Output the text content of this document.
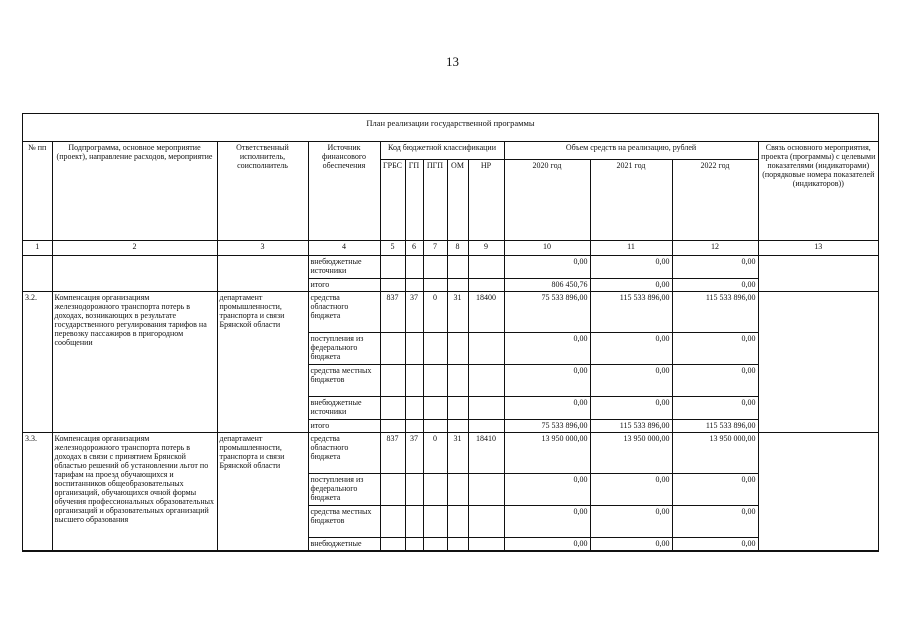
13
План реализации государственной программы
№ пп	Подпрограмма, основное мероприятие (проект), направление расходов, мероприятие	Ответственный исполнитель, соисполнитель	Источник финансового обеспечения	Код бюджетной классификации					Объем средств на реализацию, рублей			Связь основного мероприятия, проекта (программы) с целевыми показателями (индикаторами) (порядковые номера показателей (индикаторов))
				ГРБС	ГП	ПГП	ОМ	НР	2020 год	2021 год	2022 год	
1	2	3	4	5	6	7	8	9	10	11	12	13
			внебюджетные источники						0,00	0,00	0,00	
			итого						806 450,76	0,00	0,00	
3.2.	Компенсация организациям железнодорожного транспорта потерь в доходах, возникающих в результате государственного регулирования тарифов на перевозку пассажиров в пригородном сообщении	департамент промышленности, транспорта и связи Брянской области	средства областного бюджета	837	37	0	31	18400	75 533 896,00	115 533 896,00	115 533 896,00	
			поступления из федерального бюджета						0,00	0,00	0,00	
			средства местных бюджетов						0,00	0,00	0,00	
			внебюджетные источники						0,00	0,00	0,00	
			итого						75 533 896,00	115 533 896,00	115 533 896,00	
3.3.	Компенсация организациям железнодорожного транспорта потерь в доходах в связи с принятием Брянской областью решений об установлении льгот по тарифам на проезд обучающихся и воспитанников общеобразовательных организаций, обучающихся очной формы обучения профессиональных образовательных организаций и образовательных организаций высшего образования	департамент промышленности, транспорта и связи Брянской области	средства областного бюджета	837	37	0	31	18410	13 950 000,00	13 950 000,00	13 950 000,00	
			поступления из федерального бюджета						0,00	0,00	0,00	
			средства местных бюджетов						0,00	0,00	0,00	
			внебюджетные						0,00	0,00	0,00	
